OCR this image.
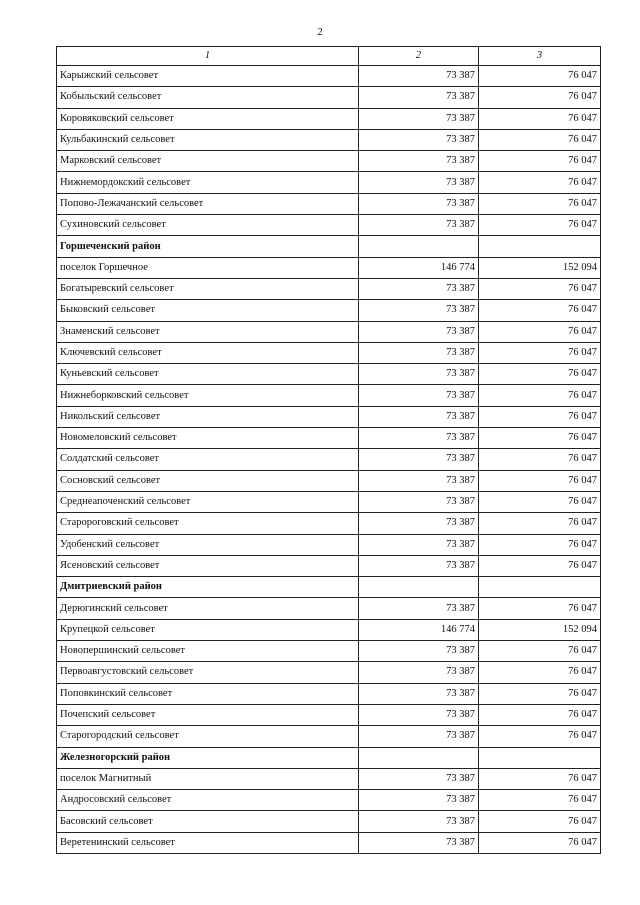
2
1	2	3
Карыжский сельсовет	73 387	76 047
Кобыльский сельсовет	73 387	76 047
Коровяковский сельсовет	73 387	76 047
Кульбакинский сельсовет	73 387	76 047
Марковский сельсовет	73 387	76 047
Нижнемордокский сельсовет	73 387	76 047
Попово-Лежачанский сельсовет	73 387	76 047
Сухиновский сельсовет	73 387	76 047
Горшеченский район		
поселок Горшечное	146 774	152 094
Богатыревский сельсовет	73 387	76 047
Быковский сельсовет	73 387	76 047
Знаменский сельсовет	73 387	76 047
Ключевский сельсовет	73 387	76 047
Куньевский сельсовет	73 387	76 047
Нижнеборковский сельсовет	73 387	76 047
Никольский сельсовет	73 387	76 047
Новомеловский сельсовет	73 387	76 047
Солдатский сельсовет	73 387	76 047
Сосновский сельсовет	73 387	76 047
Среднеапоченский сельсовет	73 387	76 047
Старороговский сельсовет	73 387	76 047
Удобенский сельсовет	73 387	76 047
Ясеновский сельсовет	73 387	76 047
Дмитриевский район		
Дерюгинский сельсовет	73 387	76 047
Крупецкой сельсовет	146 774	152 094
Новопершинский сельсовет	73 387	76 047
Первоавгустовский сельсовет	73 387	76 047
Поповкинский сельсовет	73 387	76 047
Почепский сельсовет	73 387	76 047
Старогородский сельсовет	73 387	76 047
Железногорский район		
поселок Магнитный	73 387	76 047
Андросовский сельсовет	73 387	76 047
Басовский сельсовет	73 387	76 047
Веретенинский сельсовет	73 387	76 047
